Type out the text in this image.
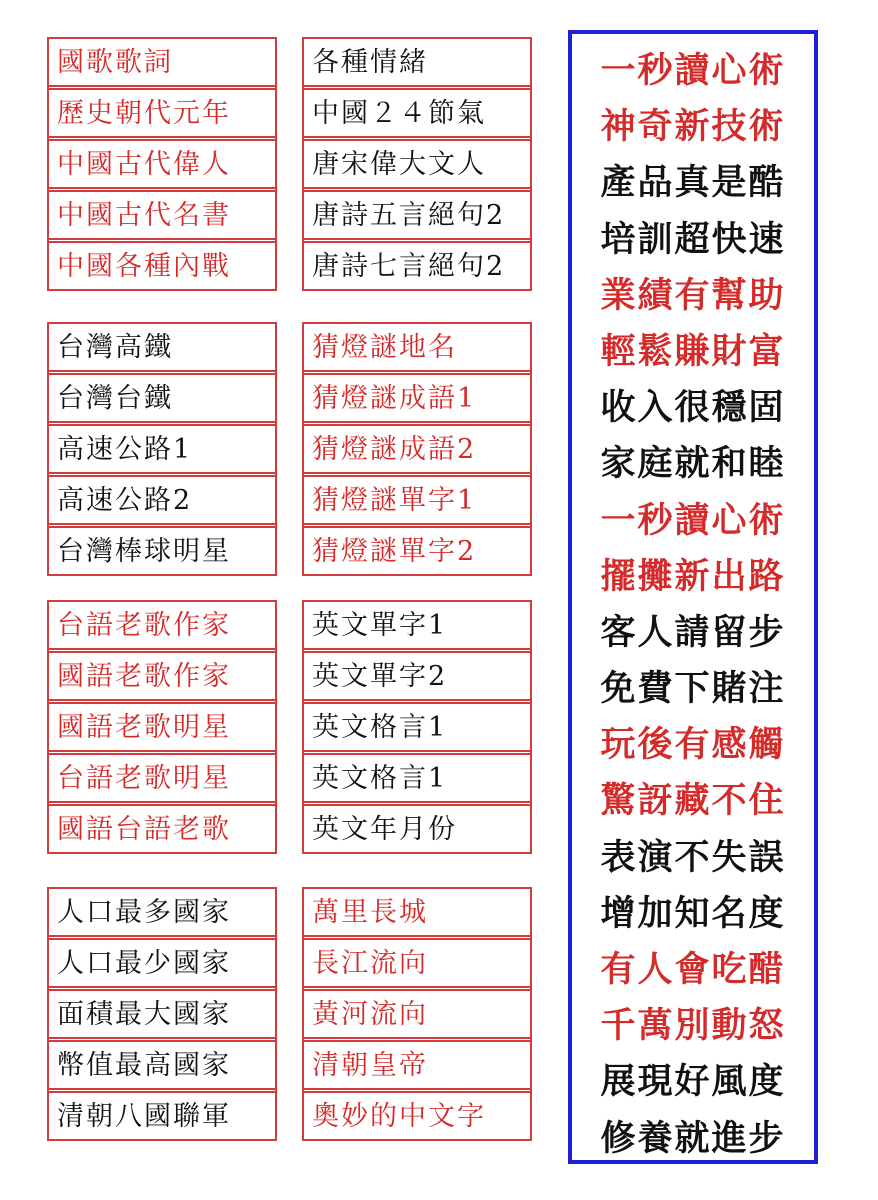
國歌歌詞
歷史朝代元年
中國古代偉人
中國古代名書
中國各種內戰
台灣高鐵
台灣台鐵
高速公路1
高速公路2
台灣棒球明星
台語老歌作家
國語老歌作家
國語老歌明星
台語老歌明星
國語台語老歌
人口最多國家
人口最少國家
面積最大國家
幣值最高國家
清朝八國聯軍
各種情緒
中國２４節氣
唐宋偉大文人
唐詩五言絕句2
唐詩七言絕句2
猜燈謎地名
猜燈謎成語1
猜燈謎成語2
猜燈謎單字1
猜燈謎單字2
英文單字1
英文單字2
英文格言1
英文格言1
英文年月份
萬里長城
長江流向
黃河流向
清朝皇帝
奧妙的中文字
一秒讀心術
神奇新技術
產品真是酷
培訓超快速
業績有幫助
輕鬆賺財富
收入很穩固
家庭就和睦
一秒讀心術
擺攤新出路
客人請留步
免費下賭注
玩後有感觸
驚訝藏不住
表演不失誤
增加知名度
有人會吃醋
千萬別動怒
展現好風度
修養就進步
